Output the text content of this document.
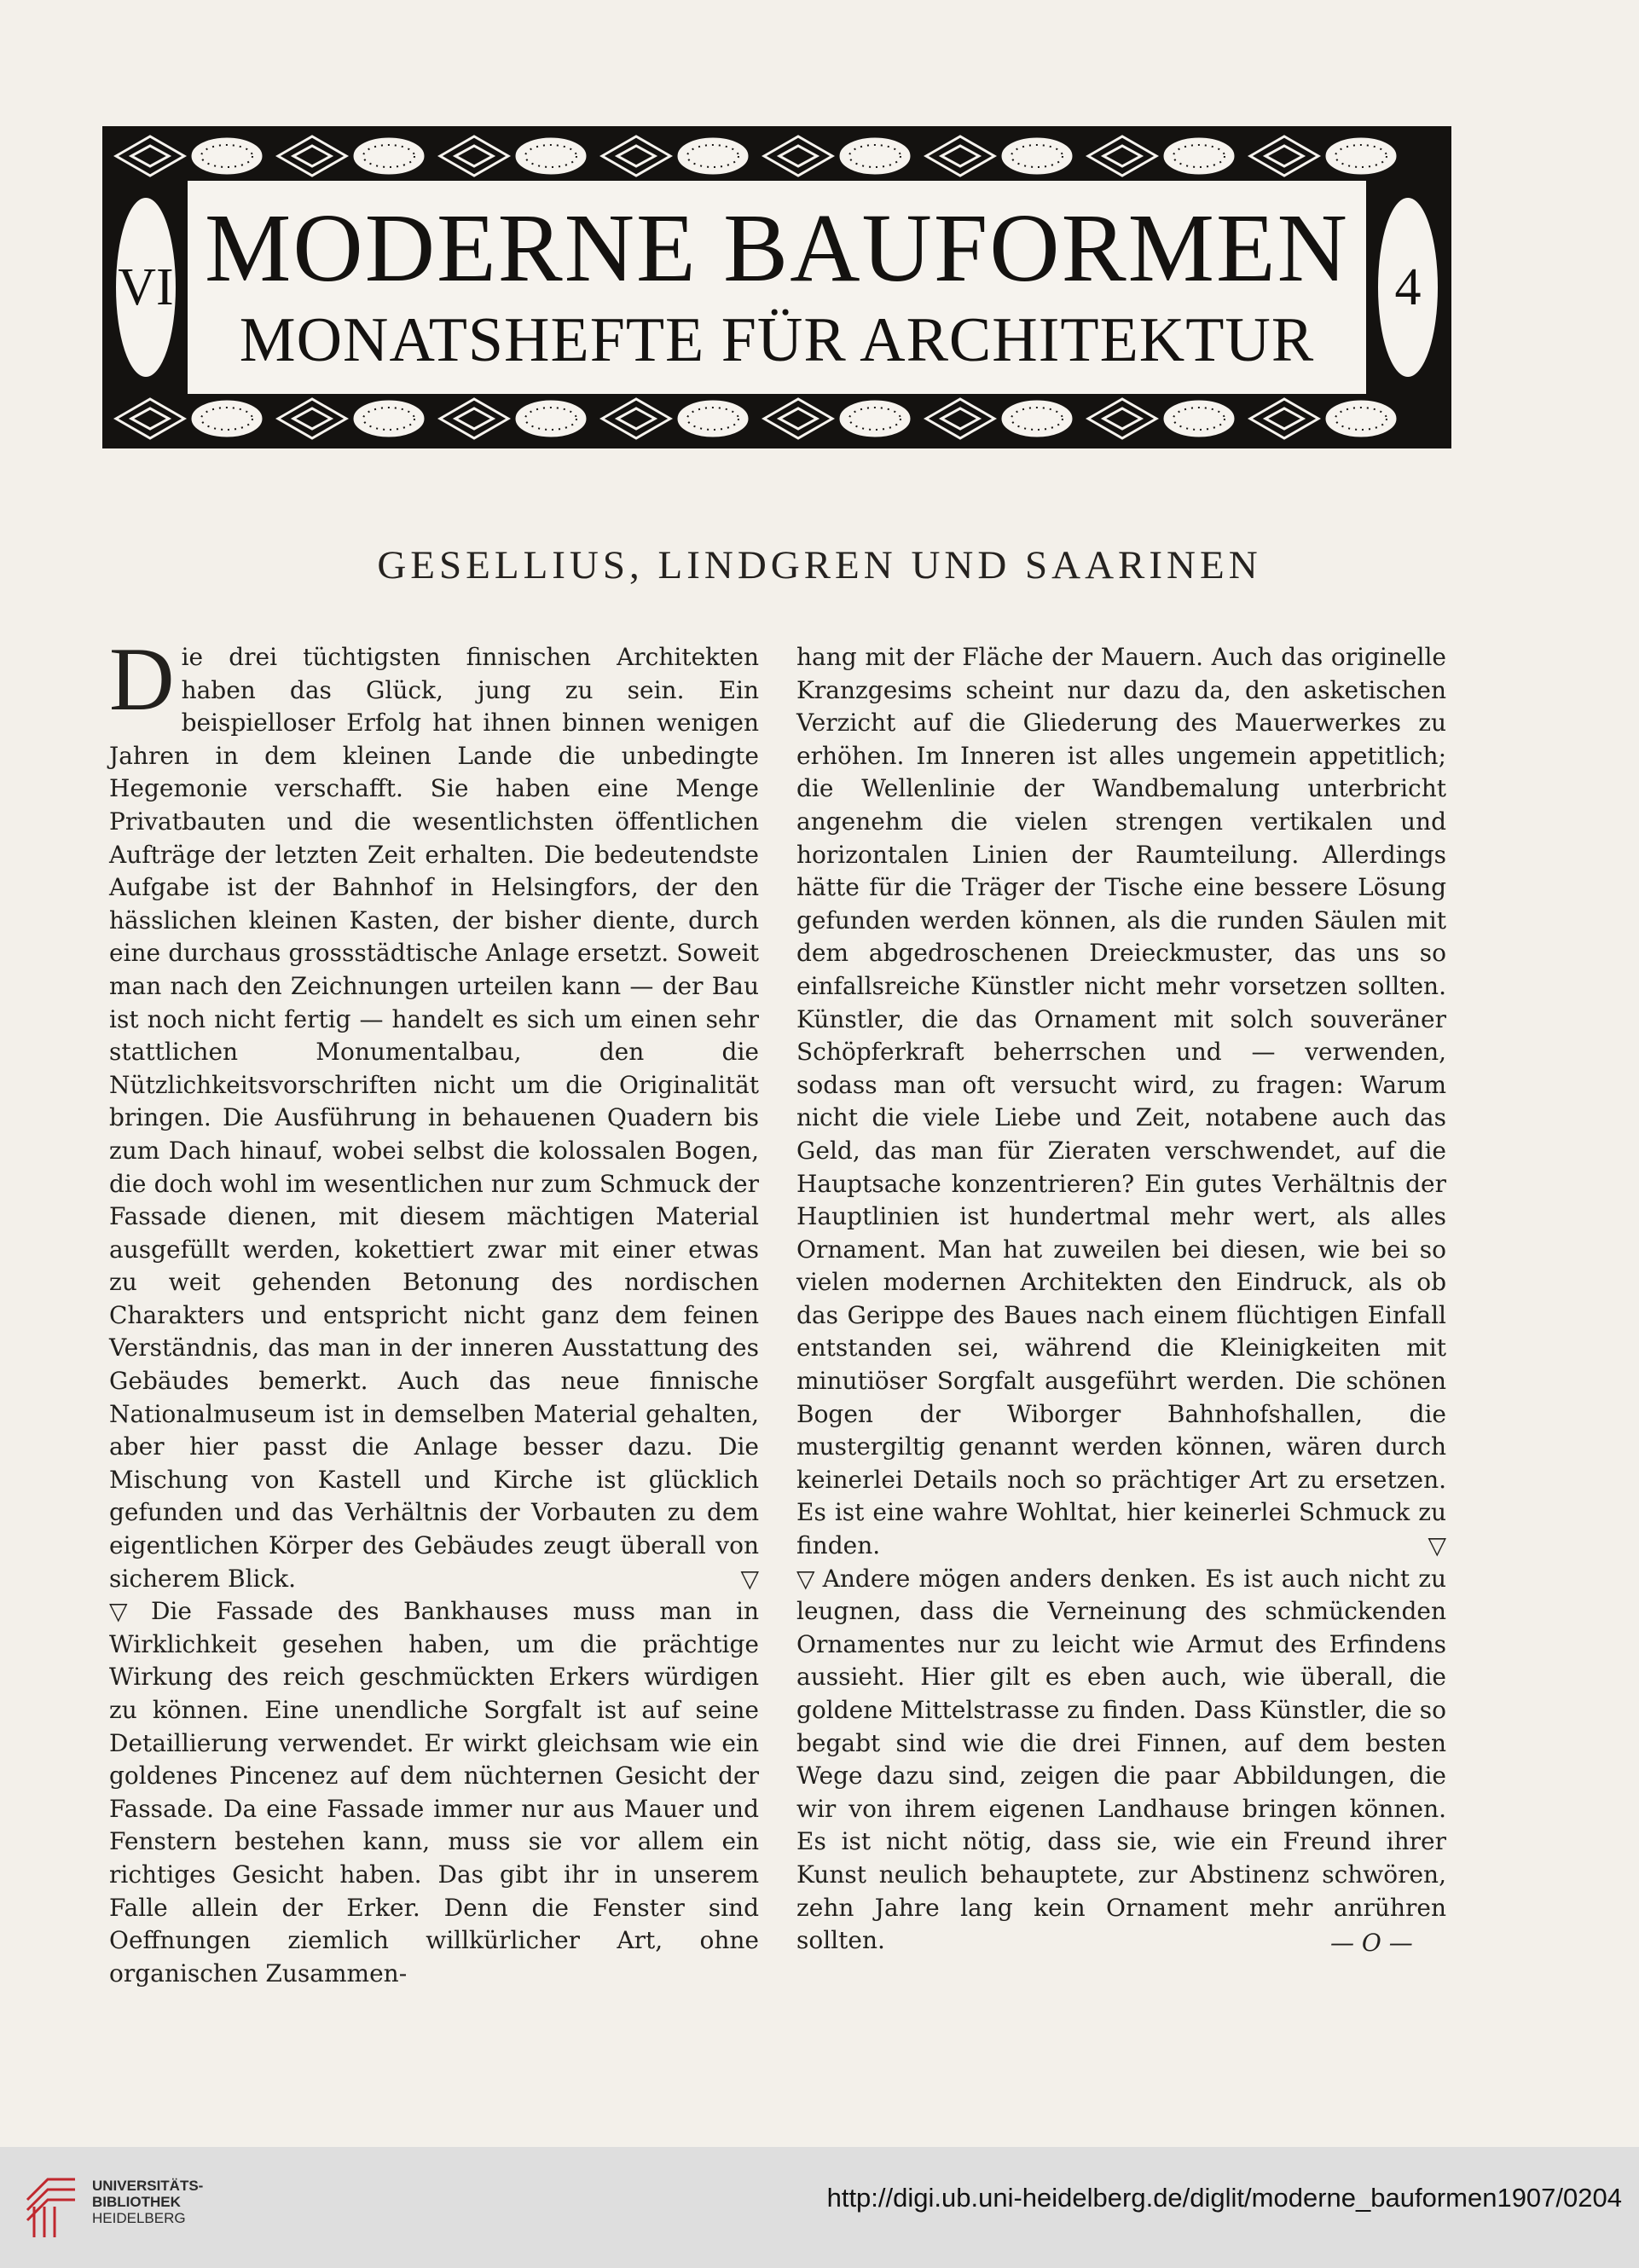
VI MODERNE BAUFORMEN
MONATSHEFTE FÜR ARCHITEKTUR
4
GESELLIUS, LINDGREN UND SAARINEN

Die drei tüchtigsten finnischen Architekten haben das Glück, jung zu sein. Ein beispielloser Erfolg hat ihnen binnen wenigen Jahren in dem kleinen Lande die unbedingte Hegemonie verschafft. Sie haben eine Menge Privatbauten und die wesentlichsten öffentlichen Aufträge der letzten Zeit erhalten. Die bedeutendste Aufgabe ist der Bahnhof in Helsingfors, der den hässlichen kleinen Kasten, der bisher diente, durch eine durchaus grossstädtische Anlage ersetzt. Soweit man nach den Zeichnungen urteilen kann — der Bau ist noch nicht fertig — handelt es sich um einen sehr stattlichen Monumentalbau, den die Nützlichkeitsvorschriften nicht um die Originalität bringen. Die Ausführung in behauenen Quadern bis zum Dach hinauf, wobei selbst die kolossalen Bogen, die doch wohl im wesentlichen nur zum Schmuck der Fassade dienen, mit diesem mächtigen Material ausgefüllt werden, kokettiert zwar mit einer etwas zu weit gehenden Betonung des nordischen Charakters und entspricht nicht ganz dem feinen Verständnis, das man in der inneren Ausstattung des Gebäudes bemerkt. Auch das neue finnische Nationalmuseum ist in demselben Material gehalten, aber hier passt die Anlage besser dazu. Die Mischung von Kastell und Kirche ist glücklich gefunden und das Verhältnis der Vorbauten zu dem eigentlichen Körper des Gebäudes zeugt überall von sicherem Blick.	▽

▽ Die Fassade des Bankhauses muss man in Wirklichkeit gesehen haben, um die prächtige Wirkung des reich geschmückten Erkers würdigen zu können. Eine unendliche Sorgfalt ist auf seine Detaillierung verwendet. Er wirkt gleichsam wie ein goldenes Pincenez auf dem nüchternen Gesicht der Fassade. Da eine Fassade immer nur aus Mauer und Fenstern bestehen kann, muss sie vor allem ein richtiges Gesicht haben. Das gibt ihr in unserem Falle allein der Erker. Denn die Fenster sind Oeffnungen ziemlich willkürlicher Art, ohne organischen Zusammen-

hang mit der Fläche der Mauern. Auch das originelle Kranzgesims scheint nur dazu da, den asketischen Verzicht auf die Gliederung des Mauerwerkes zu erhöhen. Im Inneren ist alles ungemein appetitlich; die Wellenlinie der Wandbemalung unterbricht angenehm die vielen strengen vertikalen und horizontalen Linien der Raumteilung. Allerdings hätte für die Träger der Tische eine bessere Lösung gefunden werden können, als die runden Säulen mit dem abgedroschenen Dreieckmuster, das uns so einfallsreiche Künstler nicht mehr vorsetzen sollten. Künstler, die das Ornament mit solch souveräner Schöpferkraft beherrschen und — verwenden, sodass man oft versucht wird, zu fragen: Warum nicht die viele Liebe und Zeit, notabene auch das Geld, das man für Zieraten verschwendet, auf die Hauptsache konzentrieren? Ein gutes Verhältnis der Hauptlinien ist hundertmal mehr wert, als alles Ornament. Man hat zuweilen bei diesen, wie bei so vielen modernen Architekten den Eindruck, als ob das Gerippe des Baues nach einem flüchtigen Einfall entstanden sei, während die Kleinigkeiten mit minutiöser Sorgfalt ausgeführt werden. Die schönen Bogen der Wiborger Bahnhofshallen, die mustergiltig genannt werden können, wären durch keinerlei Details noch so prächtiger Art zu ersetzen. Es ist eine wahre Wohltat, hier keinerlei Schmuck zu finden.	▽

▽ Andere mögen anders denken. Es ist auch nicht zu leugnen, dass die Verneinung des schmückenden Ornamentes nur zu leicht wie Armut des Erfindens aussieht. Hier gilt es eben auch, wie überall, die goldene Mittelstrasse zu finden. Dass Künstler, die so begabt sind wie die drei Finnen, auf dem besten Wege dazu sind, zeigen die paar Abbildungen, die wir von ihrem eigenen Landhause bringen können. Es ist nicht nötig, dass sie, wie ein Freund ihrer Kunst neulich behauptete, zur Abstinenz schwören, zehn Jahre lang kein Ornament mehr anrühren sollten.	— O —
UNIVERSITÄTS-
BIBLIOTHEK
HEIDELBERG
http://digi.ub.uni-heidelberg.de/diglit/moderne_bauformen1907/0204
